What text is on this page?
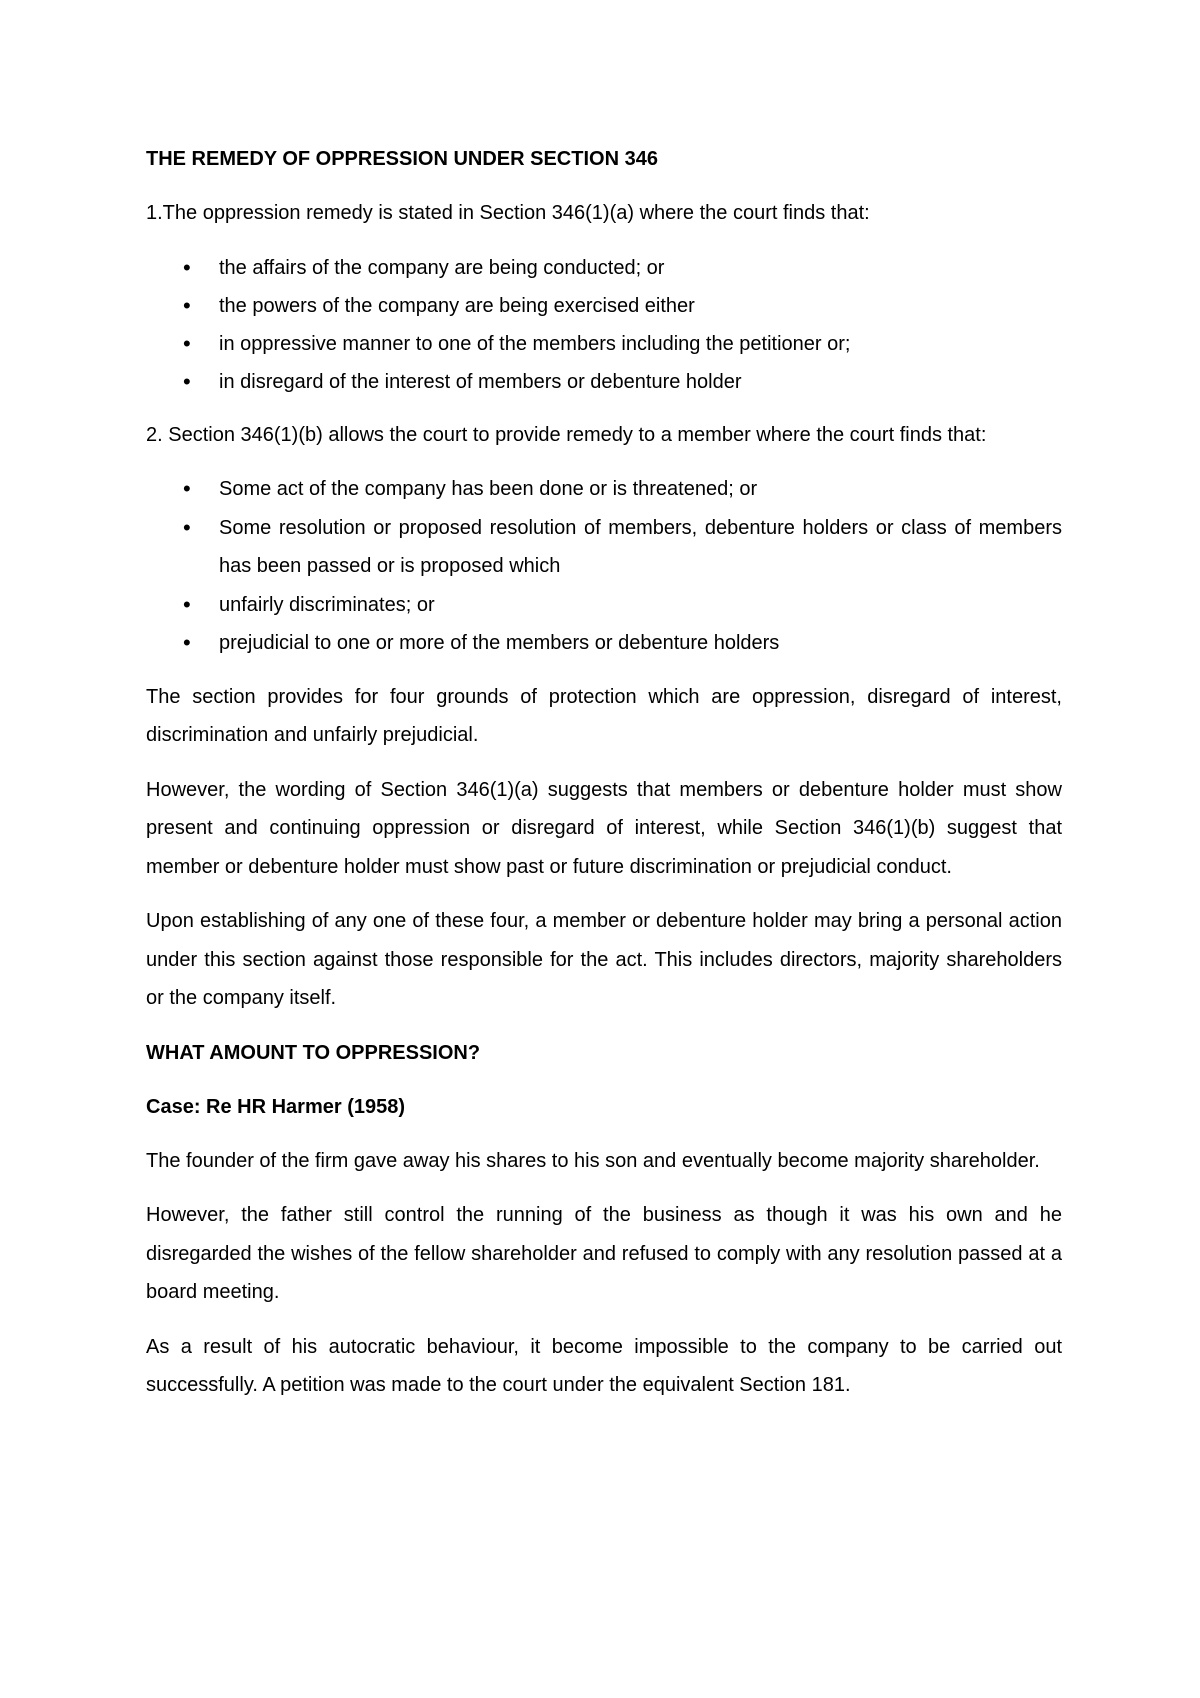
THE REMEDY OF OPPRESSION UNDER SECTION 346
1.The oppression remedy is stated in Section 346(1)(a) where the court finds that:
• the affairs of the company are being conducted; or
• the powers of the company are being exercised either
• in oppressive manner to one of the members including the petitioner or;
• in disregard of the interest of members or debenture holder
2. Section 346(1)(b) allows the court to provide remedy to a member where the court finds that:
• Some act of the company has been done or is threatened; or
• Some resolution or proposed resolution of members, debenture holders or class of members has been passed or is proposed which
• unfairly discriminates; or
• prejudicial to one or more of the members or debenture holders
The section provides for four grounds of protection which are oppression, disregard of interest, discrimination and unfairly prejudicial.
However, the wording of Section 346(1)(a) suggests that members or debenture holder must show present and continuing oppression or disregard of interest, while Section 346(1)(b) suggest that member or debenture holder must show past or future discrimination or prejudicial conduct.
Upon establishing of any one of these four, a member or debenture holder may bring a personal action under this section against those responsible for the act. This includes directors, majority shareholders or the company itself.
WHAT AMOUNT TO OPPRESSION?
Case: Re HR Harmer (1958)
The founder of the firm gave away his shares to his son and eventually become majority shareholder.
However, the father still control the running of the business as though it was his own and he disregarded the wishes of the fellow shareholder and refused to comply with any resolution passed at a board meeting.
As a result of his autocratic behaviour, it become impossible to the company to be carried out successfully. A petition was made to the court under the equivalent Section 181.
